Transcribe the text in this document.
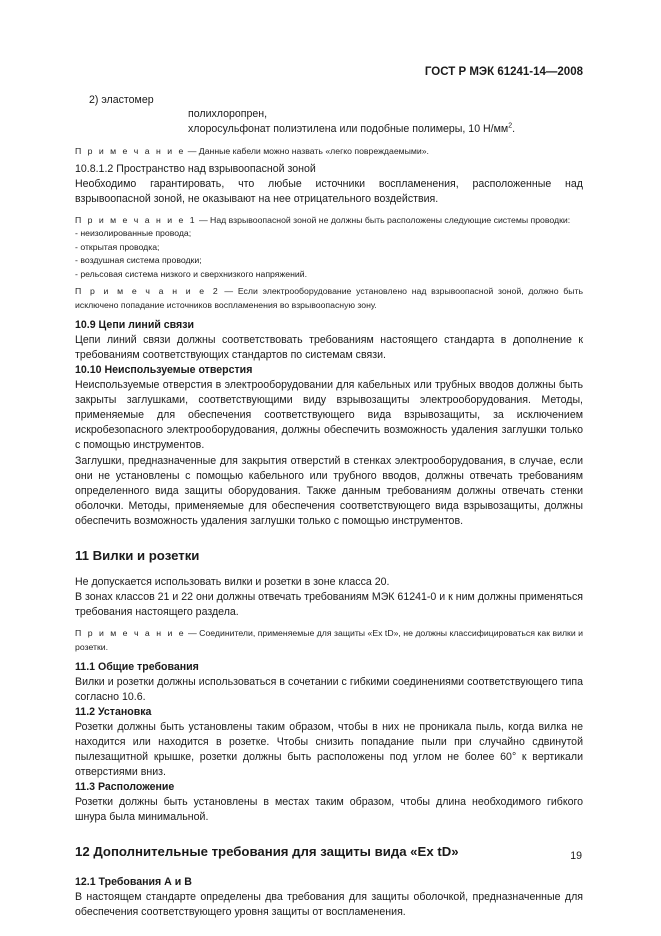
ГОСТ Р МЭК 61241-14—2008

2) эластомер

полихлоропрен,

хлоросульфонат полиэтилена или подобные полимеры, 10 $Н/мм^2$.

П р и м е ч а н и е — Данные кабели можно назвать «легко повреждаемыми».

10.8.1.2 Пространство над взрывоопасной зоной

Необходимо гарантировать, что любые источники воспламенения, расположенные над взрывоопасной зоной, не оказывают на нее отрицательного воздействия.

П р и м е ч а н и е 1 — Над взрывоопасной зоной не должны быть расположены следующие системы проводки:

- неизолированные провода;
- открытая проводка;
- воздушная система проводки;
- рельсовая система низкого и сверхнизкого напряжений.

П р и м е ч а н и е 2 — Если электрооборудование установлено над взрывоопасной зоной, должно быть исключено попадание источников воспламенения во взрывоопасную зону.

10.9 Цепи линий связи

Цепи линий связи должны соответствовать требованиям настоящего стандарта в дополнение к требованиям соответствующих стандартов по системам связи.

10.10 Неиспользуемые отверстия

Неиспользуемые отверстия в электрооборудовании для кабельных или трубных вводов должны быть закрыты заглушками, соответствующими виду взрывозащиты электрооборудования. Методы, применяемые для обеспечения соответствующего вида взрывозащиты, за исключением искробезопасного электрооборудования, должны обеспечить возможность удаления заглушки только с помощью инструментов.

Заглушки, предназначенные для закрытия отверстий в стенках электрооборудования, в случае, если они не установлены с помощью кабельного или трубного вводов, должны отвечать требованиям определенного вида защиты оборудования. Также данным требованиям должны отвечать стенки оболочки. Методы, применяемые для обеспечения соответствующего вида взрывозащиты, должны обеспечить возможность удаления заглушки только с помощью инструментов.

11 Вилки и розетки

Не допускается использовать вилки и розетки в зоне класса 20.

В зонах классов 21 и 22 они должны отвечать требованиям МЭК 61241-0 и к ним должны применяться требования настоящего раздела.

П р и м е ч а н и е — Соединители, применяемые для защиты «Ex tD», не должны классифицироваться как вилки и розетки.

11.1 Общие требования

Вилки и розетки должны использоваться в сочетании с гибкими соединениями соответствующего типа согласно 10.6.

11.2 Установка

Розетки должны быть установлены таким образом, чтобы в них не проникала пыль, когда вилка не находится или находится в розетке. Чтобы снизить попадание пыли при случайно сдвинутой пылезащитной крышке, розетки должны быть расположены под углом не более 60° к вертикали отверстиями вниз.

11.3 Расположение

Розетки должны быть установлены в местах таким образом, чтобы длина необходимого гибкого шнура была минимальной.

12 Дополнительные требования для защиты вида «Ex tD»

12.1 Требования А и В

В настоящем стандарте определены два требования для защиты оболочкой, предназначенные для обеспечения соответствующего уровня защиты от воспламенения.

19
